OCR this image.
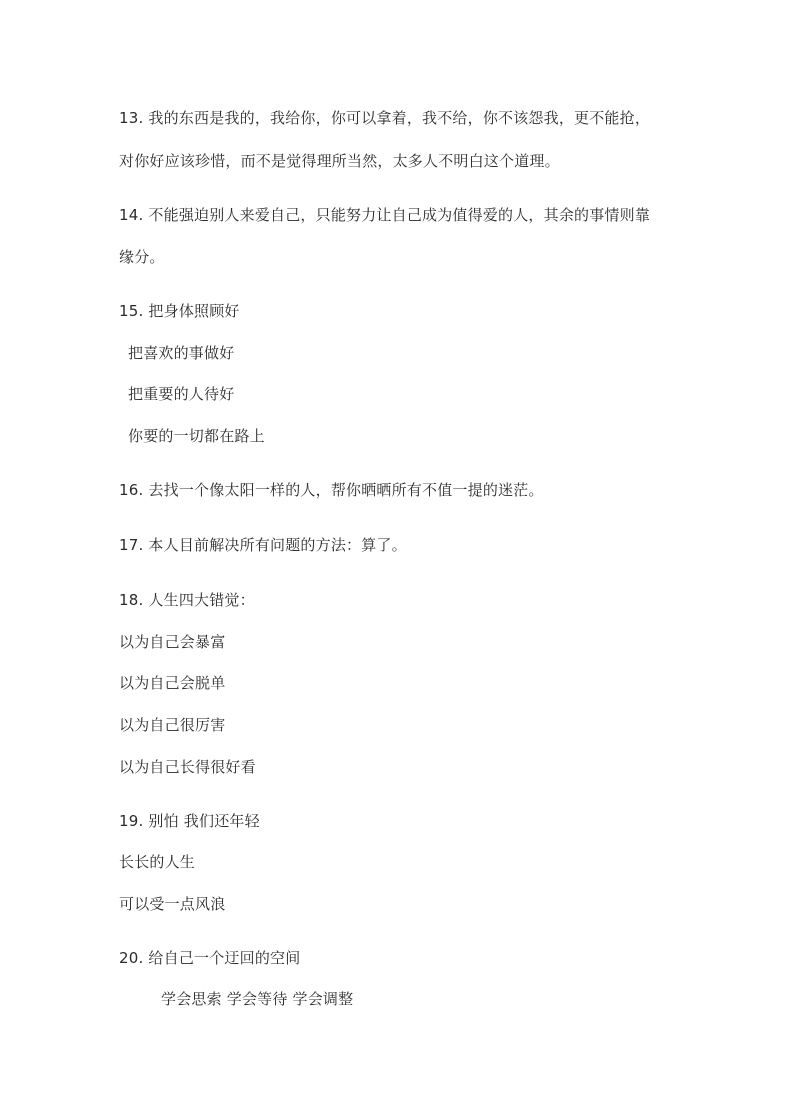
13. 我的东西是我的，我给你，你可以拿着，我不给，你不该怨我，更不能抢，
对你好应该珍惜，而不是觉得理所当然，太多人不明白这个道理。
14. 不能强迫别人来爱自己，只能努力让自己成为值得爱的人，其余的事情则靠
缘分。
15. 把身体照顾好
把喜欢的事做好
把重要的人待好
你要的一切都在路上
16. 去找一个像太阳一样的人，帮你晒晒所有不值一提的迷茫。
17. 本人目前解决所有问题的方法：算了。
18. 人生四大错觉：
以为自己会暴富
以为自己会脱单
以为自己很厉害
以为自己长得很好看
19. 别怕 我们还年轻
长长的人生
可以受一点风浪
20. 给自己一个迂回的空间
学会思索 学会等待 学会调整
